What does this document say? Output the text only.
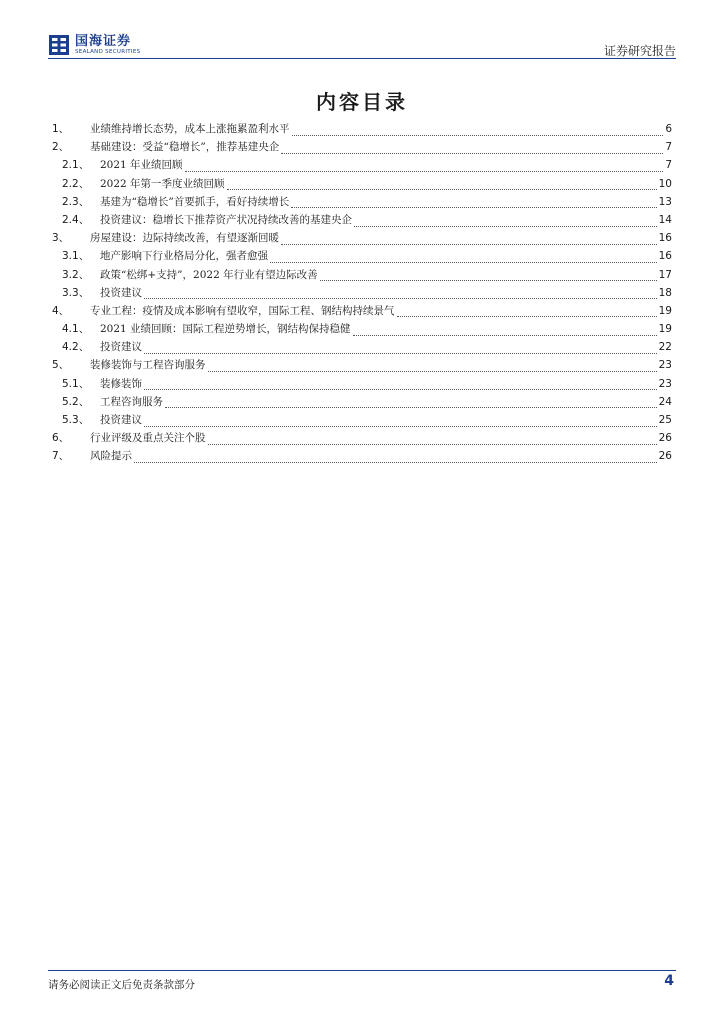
国海证券
SEALAND SECURITIES	证券研究报告
内容目录
1、	业绩维持增长态势，成本上涨拖累盈利水平	6
2、	基础建设：受益“稳增长”，推荐基建央企	7
2.1、	2021 年业绩回顾	7
2.2、	2022 年第一季度业绩回顾	10
2.3、	基建为“稳增长”首要抓手，看好持续增长	13
2.4、	投资建议：稳增长下推荐资产状况持续改善的基建央企	14
3、	房屋建设：边际持续改善，有望逐渐回暖	16
3.1、	地产影响下行业格局分化，强者愈强	16
3.2、	政策“松绑+支持”，2022 年行业有望边际改善	17
3.3、	投资建议	18
4、	专业工程：疫情及成本影响有望收窄，国际工程、钢结构持续景气	19
4.1、	2021 业绩回顾：国际工程逆势增长，钢结构保持稳健	19
4.2、	投资建议	22
5、	装修装饰与工程咨询服务	23
5.1、	装修装饰	23
5.2、	工程咨询服务	24
5.3、	投资建议	25
6、	行业评级及重点关注个股	26
7、	风险提示	26
请务必阅读正文后免责条款部分	4
